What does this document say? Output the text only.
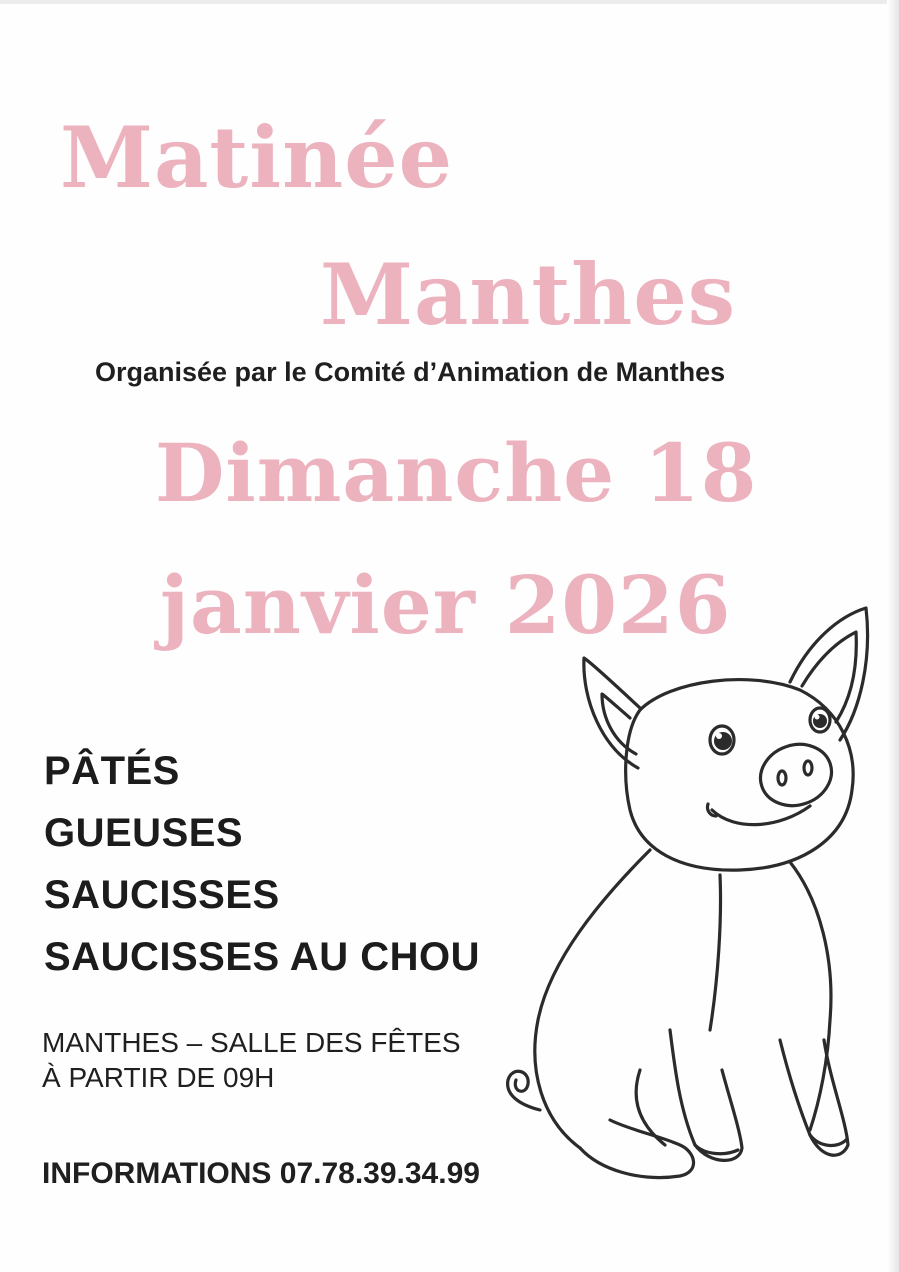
Matinée
Manthes

Organisée par le Comité d’Animation de Manthes

Dimanche 18
janvier 2026
PÂTÉS
GUEUSES
SAUCISSES
SAUCISSES AU CHOU

MANTHES – SALLE DES FÊTES

À PARTIR DE 09H

INFORMATIONS 07.78.39.34.99
